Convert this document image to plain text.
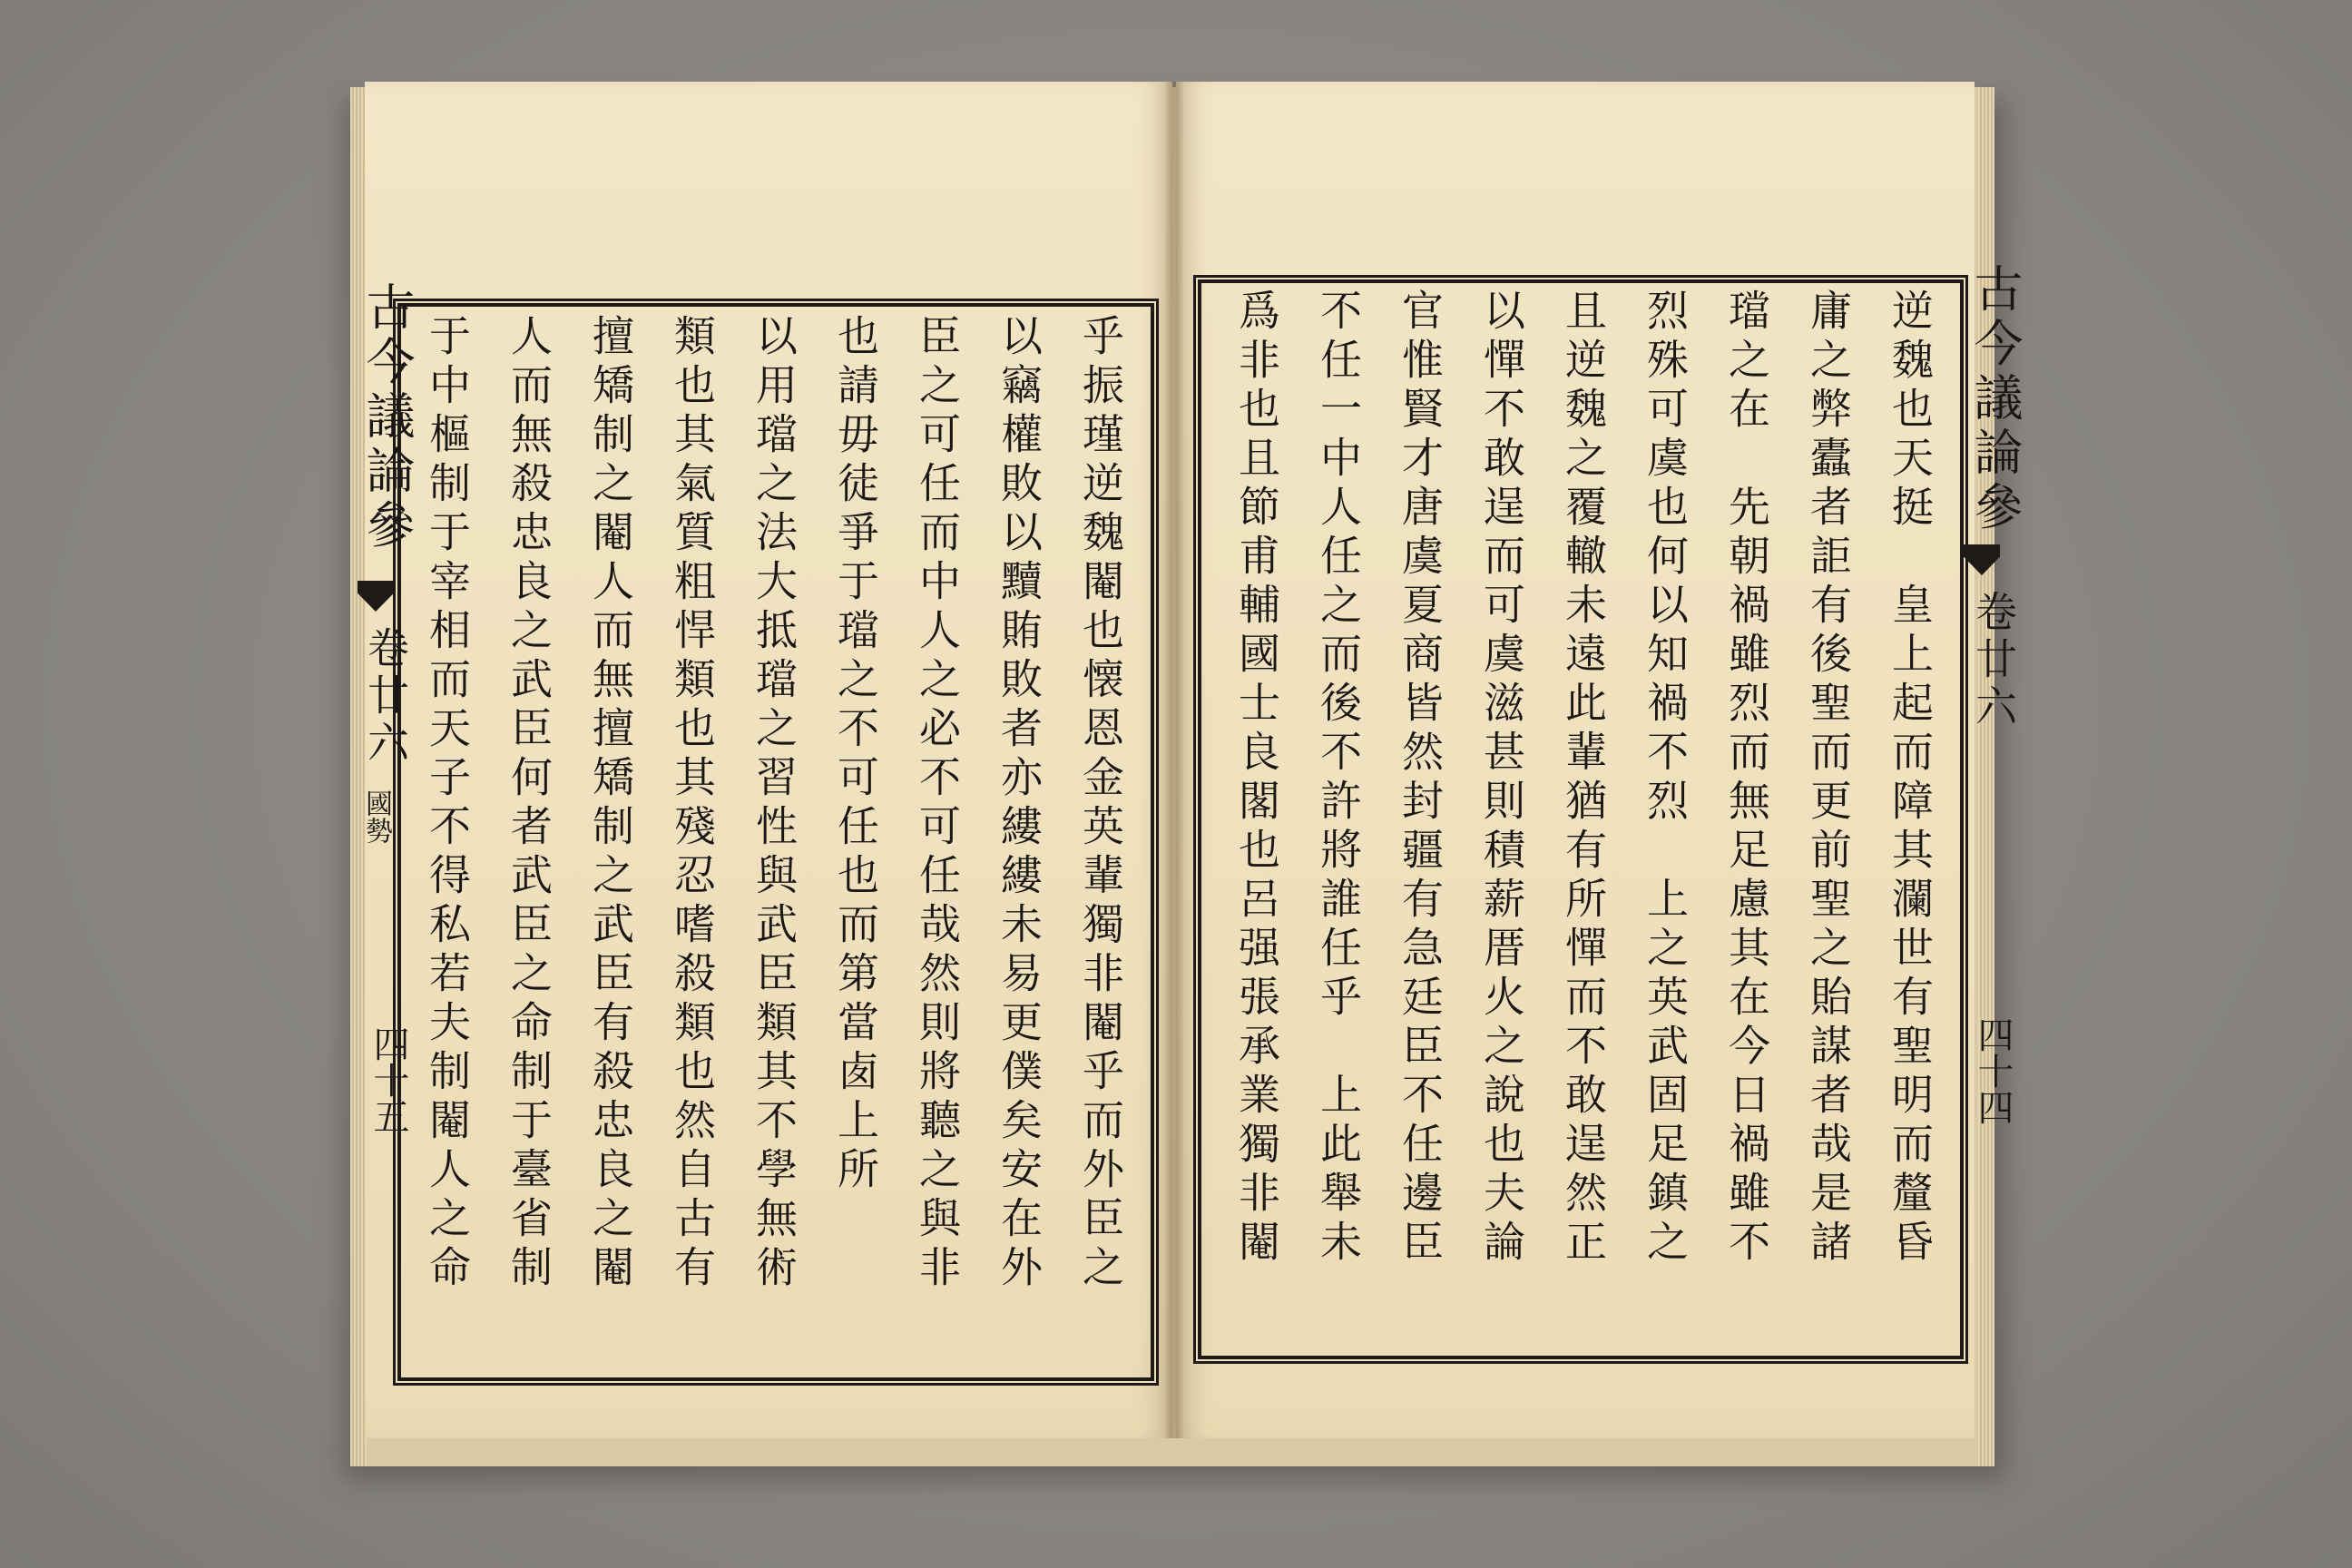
古今議論參
卷廿六
國勢
四十五	乎振瑾逆魏閹也懐恩金英輩獨非閹乎而外臣之
以竊權敗以黷賄敗者亦縷縷未易更僕矣安在外
臣之可任而中人之必不可任哉然則將聽之與非
也請毋徒爭于璫之不可任也而第當𠧧上所
以用璫之法大抵璫之習性與武臣類其不學無術
類也其氣質粗悍類也其殘忍嗜殺類也然自古有
擅矯制之閹人而無擅矯制之武臣有殺忠良之閹
人而無殺忠良之武臣何者武臣之命制于臺省制
于中樞制于宰相而天子不得私若夫制閹人之命	古今議論參
卷廿六
四十四
逆魏也天挺　皇上起而障其瀾世有聖明而釐昏
庸之弊蠹者詎有後聖而更前聖之貽謀者哉是諸
璫之在　先朝禍雖烈而無足慮其在今日禍雖不
烈殊可虞也何以知禍不烈　上之英武固足鎮之
且逆魏之覆轍未遠此輩猶有所憚而不敢逞然正
以憚不敢逞而可虞滋甚則積薪厝火之說也夫論
官惟賢才唐虞夏商皆然封疆有急廷臣不任邊臣
不任一中人任之而後不許將誰任乎　上此舉未
爲非也且節甫輔國士良閣也呂强張承業獨非閹
